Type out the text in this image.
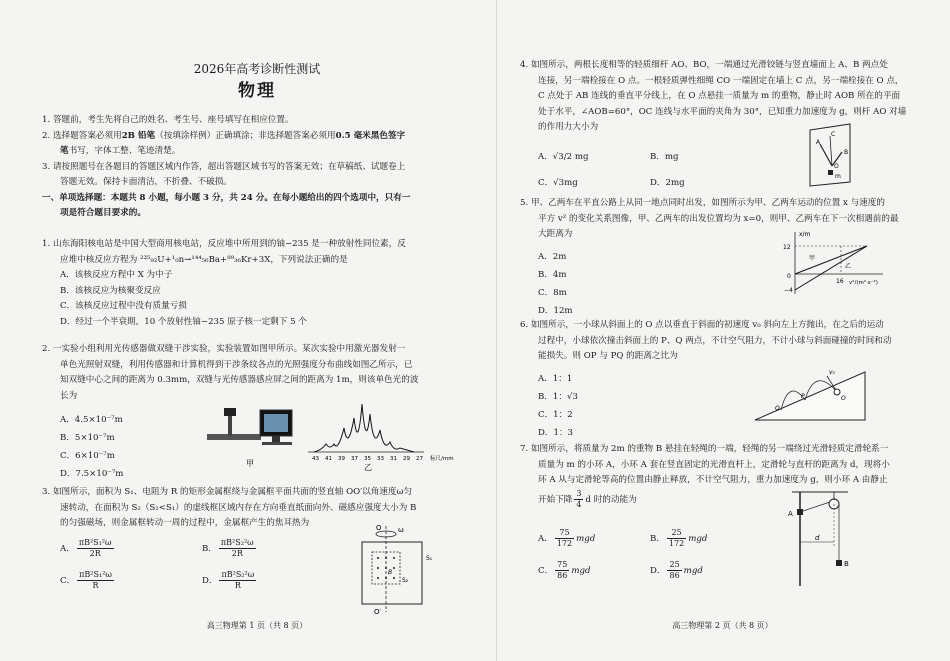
2026年高考诊断性测试
物理
1. 答题前，考生先将自己的姓名、考生号、座号填写在相应位置。
2. 选择题答案必须用2B 铅笔（按填涂样例）正确填涂；非选择题答案必须用0.5 毫米黑色签字
笔书写，字体工整、笔迹清楚。
3. 请按照题号在各题目的答题区域内作答，超出答题区域书写的答案无效；在草稿纸、试题卷上
答题无效。保持卡面清洁，不折叠、不破损。
一、单项选择题：本题共 8 小题，每小题 3 分，共 24 分。在每小题给出的四个选项中，只有一
项是符合题目要求的。
1. 山东海阳核电站是中国大型商用核电站，反应堆中所用到的铀−235 是一种放射性同位素，反
应堆中核反应方程为 ²³⁵₉₂U+¹₀n→¹⁴⁴₅₆Ba+⁸⁹₃₆Kr+3X，下列说法正确的是
A．该核反应方程中 X 为中子
B．该核反应为核聚变反应
C．该核反应过程中没有质量亏损
D．经过一个半衰期，10 个放射性铀−235 原子核一定剩下 5 个
2. 一实验小组利用光传感器做双缝干涉实验，实验装置如图甲所示。某次实验中用激光器发射一
单色光照射双缝，利用传感器和计算机得到干涉条纹各点的光照强度分布曲线如图乙所示，已
知双缝中心之间的距离为 0.3mm，双缝与光传感器感应屏之间的距离为 1m，则该单色光的波
长为
A．4.5×10⁻⁷m
B．5×10⁻⁷m
C．6×10⁻⁷m
D．7.5×10⁻⁷m
甲	43 41 39 37 35 33 31 29 27 标尺/mm
乙
3. 如图所示，面积为 S₁、电阻为 R 的矩形金属框绕与金属框平面共面的竖直轴 OO′以角速度ω匀
速转动，在面积为 S₂（S₂<S₁）的虚线框区域内存在方向垂直纸面向外、磁感应强度大小为 B
的匀强磁场，则金属框转动一周的过程中，金属框产生的焦耳热为
A． $\frac{\text{πB²S₁²ω}}{2R}$	B． $\frac{\text{πB²S₂²ω}}{2R}$
C． $\frac{\text{πB²S₁²ω}}{R}$	D． $\frac{\text{πB²S₂²ω}}{R}$
O ω
S₁
S₂
B
O′
高三物理第 1 页（共 8 页）
4. 如图所示，两根长度相等的轻质细杆 AO、BO，一端通过光滑铰链与竖直墙面上 A、B 两点处
连接，另一端栓接在 O 点。一根轻质弹性细绳 CO 一端固定在墙上 C 点，另一端栓接在 O 点，
C 点处于 AB 连线的垂直平分线上，在 O 点悬挂一质量为 m 的重物，静止时 AOB 所在的平面
处于水平，∠AOB=60°，OC 连线与水平面的夹角为 30°，已知重力加速度为 g，则杆 AO 对墙
的作用力大小为
A．√3/2 mg	B．mg
C．√3mg	D．2mg
A
C
B
O
m
5. 甲、乙两车在平直公路上从同一地点同时出发，如图所示为甲、乙两车运动的位置 x 与速度的
平方 v² 的变化关系图像，甲、乙两车的出发位置均为 x=0，则甲、乙两车在下一次相遇前的最
大距离为
A．2m
B．4m
C．8m
D．12m
x/m
v²/(m²·s⁻²)
12
−4
0
16
甲
乙
6. 如图所示，一小球从斜面上的 O 点以垂直于斜面的初速度 v₀ 斜向左上方抛出，在之后的运动
过程中，小球依次撞击斜面上的 P、Q 两点，不计空气阻力，不计小球与斜面碰撞的时间和动
能损失。则 OP 与 PQ 的距离之比为
A．1：1
B．1：√3
C．1：2
D．1：3
v₀
P	O
Q
7. 如图所示，将质量为 2m 的重物 B 悬挂在轻绳的一端，轻绳的另一端绕过光滑轻质定滑轮系一
质量为 m 的小环 A，小环 A 套在竖直固定的光滑直杆上，定滑轮与直杆的距离为 d，现将小
环 A 从与定滑轮等高的位置由静止释放，不计空气阻力，重力加速度为 g，则小环 A 由静止
开始下降 $\frac{3}{4}$ d 时的动能为
A． $\frac{75}{172}$ mgd	B． $\frac{25}{172}$ mgd
C． $\frac{75}{86}$ mgd	D． $\frac{25}{86}$ mgd
A
d
B
高三物理第 2 页（共 8 页）
